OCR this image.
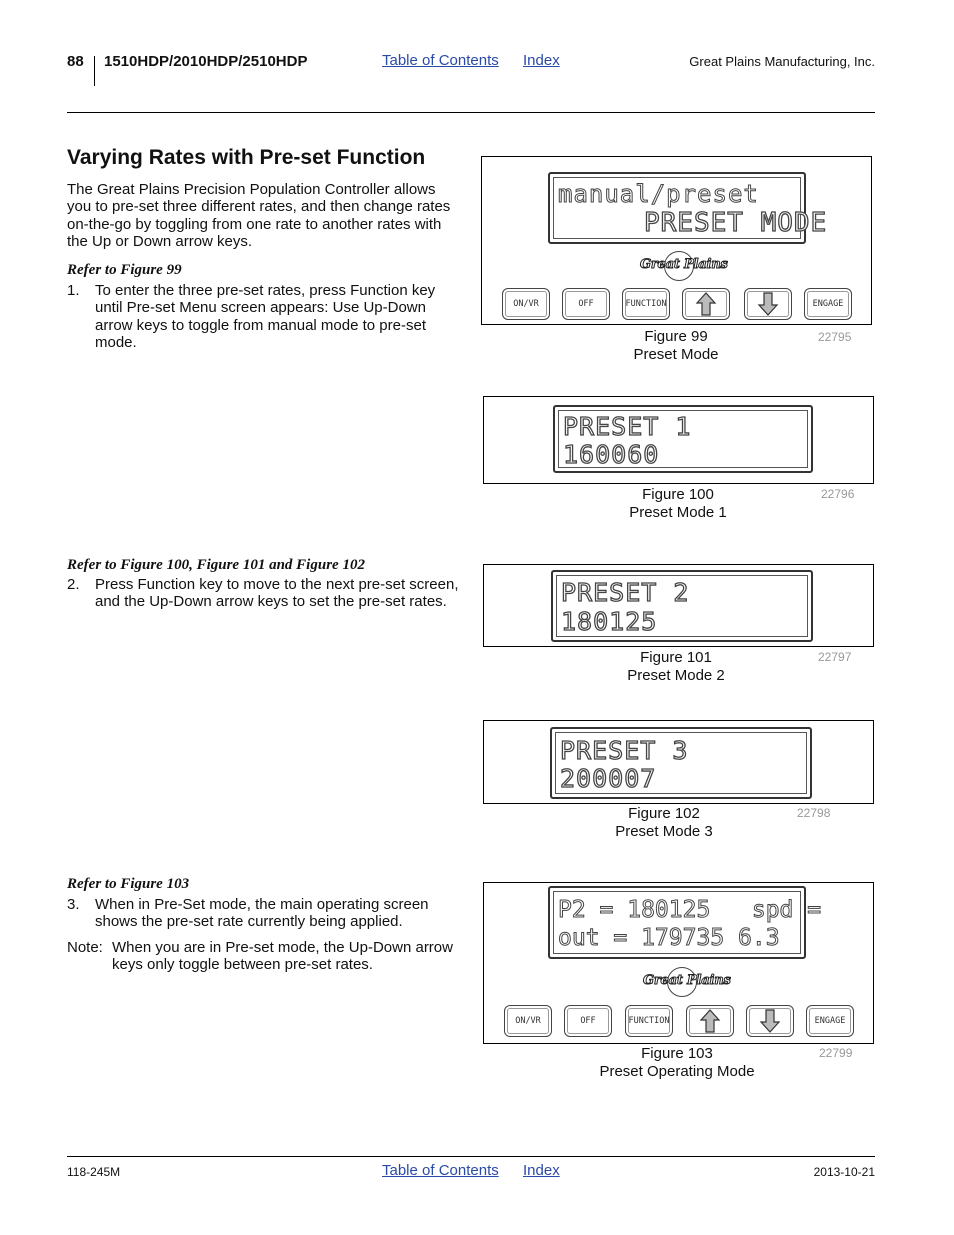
88 1510HDP/2010HDP/2510HDP	Table of Contents Index	Great Plains Manufacturing, Inc.
Varying Rates with Pre-set Function
The Great Plains Precision Population Controller allows you to pre-set three different rates, and then change rates on-the-go by toggling from one rate to another rates with the Up or Down arrow keys.
Refer to Figure 99
1. To enter the three pre-set rates, press Function key until Pre-set Menu screen appears: Use Up-Down arrow keys to toggle from manual mode to pre-set mode.
Refer to Figure 100, Figure 101 and Figure 102
2. Press Function key to move to the next pre-set screen, and the Up-Down arrow keys to set the pre-set rates.
Refer to Figure 103
3. When in Pre-Set mode, the main operating screen shows the pre-set rate currently being applied.
Note: When you are in Pre-set mode, the Up-Down arrow keys only toggle between pre-set rates.
manual/preset
PRESET MODE
Great Plains
ON/VR	OFF	FUNCTION	ENGAGE
Figure 99
Preset Mode
22795
PRESET 1
160060
Figure 100
Preset Mode 1
22796
PRESET 2
180125
Figure 101
Preset Mode 2
22797
PRESET 3
200007
Figure 102
Preset Mode 3
22798
P2 = 180125   spd =
out = 179735 6.3
Great Plains
ON/VR	OFF	FUNCTION	ENGAGE
Figure 103
Preset Operating Mode
22799
118-245M	Table of Contents Index	2013-10-21
